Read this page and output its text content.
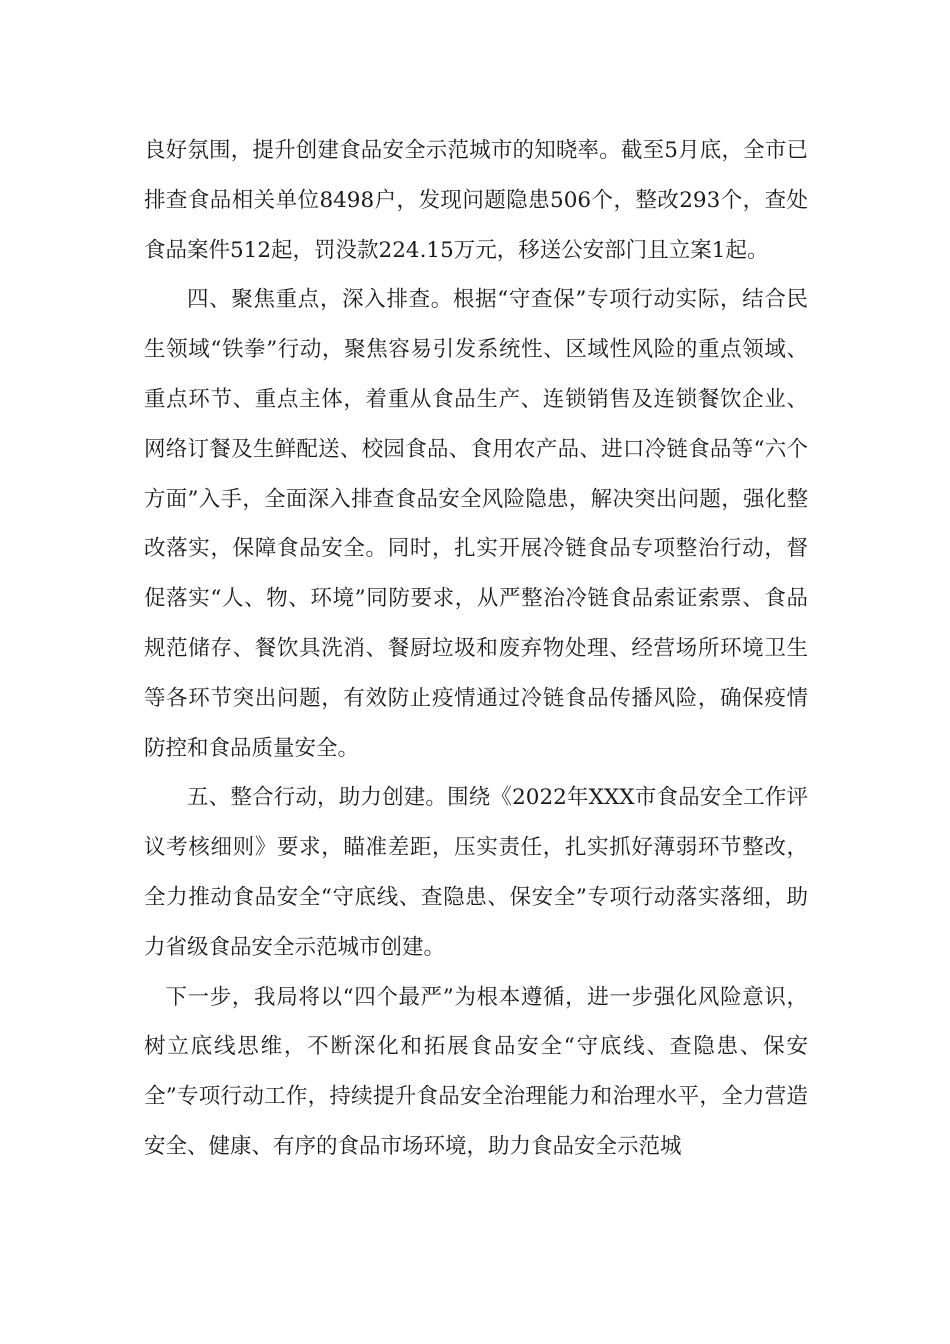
良好氛围，提升创建食品安全示范城市的知晓率。截至5月底，全市已排查食品相关单位8498户，发现问题隐患506个，整改293个，查处食品案件512起，罚没款224.15万元，移送公安部门且立案1起。

四、聚焦重点，深入排查。根据“守查保”专项行动实际，结合民生领域“铁拳”行动，聚焦容易引发系统性、区域性风险的重点领域、重点环节、重点主体，着重从食品生产、连锁销售及连锁餐饮企业、网络订餐及生鲜配送、校园食品、食用农产品、进口冷链食品等“六个方面”入手，全面深入排查食品安全风险隐患，解决突出问题，强化整改落实，保障食品安全。同时，扎实开展冷链食品专项整治行动，督促落实“人、物、环境”同防要求，从严整治冷链食品索证索票、食品规范储存、餐饮具洗消、餐厨垃圾和废弃物处理、经营场所环境卫生等各环节突出问题，有效防止疫情通过冷链食品传播风险，确保疫情防控和食品质量安全。

五、整合行动，助力创建。围绕《2022年XXX市食品安全工作评议考核细则》要求，瞄准差距，压实责任，扎实抓好薄弱环节整改，全力推动食品安全“守底线、查隐患、保安全”专项行动落实落细，助力省级食品安全示范城市创建。

下一步，我局将以“四个最严”为根本遵循，进一步强化风险意识，树立底线思维，不断深化和拓展食品安全“守底线、查隐患、保安全”专项行动工作，持续提升食品安全治理能力和治理水平，全力营造安全、健康、有序的食品市场环境，助力食品安全示范城
